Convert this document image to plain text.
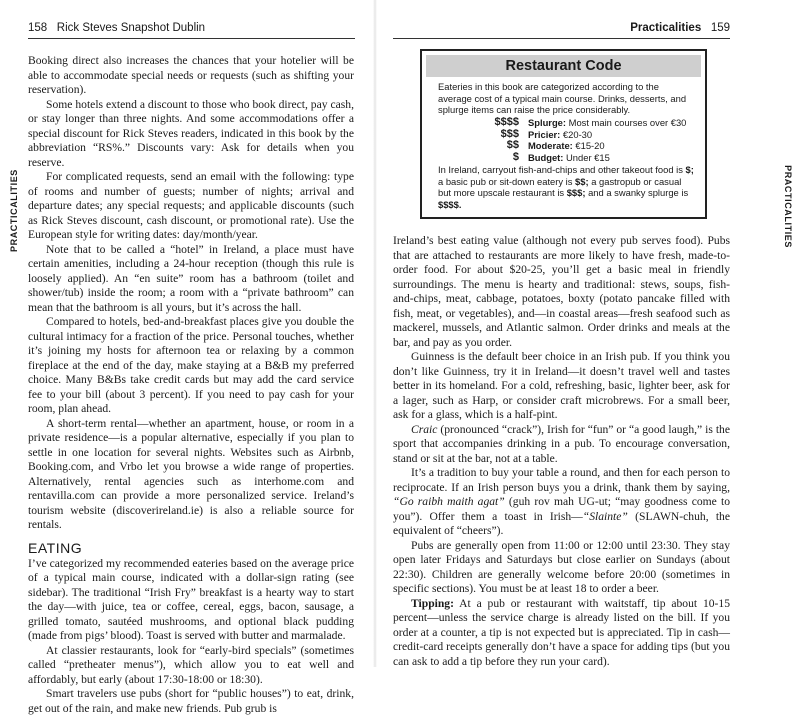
158 Rick Steves Snapshot Dublin
PRACTICALITIES

Booking direct also increases the chances that your hotelier will be able to accommodate special needs or requests (such as shifting your reservation).

Some hotels extend a discount to those who book direct, pay cash, or stay longer than three nights. And some accommodations offer a special discount for Rick Steves readers, indicated in this book by the abbreviation “RS%.” Discounts vary: Ask for details when you reserve.

For complicated requests, send an email with the following: type of rooms and number of guests; number of nights; arrival and departure dates; any special requests; and applicable discounts (such as Rick Steves discount, cash discount, or promotional rate). Use the European style for writing dates: day/month/year.

Note that to be called a “hotel” in Ireland, a place must have certain amenities, including a 24-hour reception (though this rule is loosely applied). An “en suite” room has a bathroom (toilet and shower/tub) inside the room; a room with a “private bathroom” can mean that the bathroom is all yours, but it’s across the hall.

Compared to hotels, bed-and-breakfast places give you double the cultural intimacy for a fraction of the price. Personal touches, whether it’s joining my hosts for afternoon tea or relaxing by a common fireplace at the end of the day, make staying at a B&B my preferred choice. Many B&Bs take credit cards but may add the card service fee to your bill (about 3 percent). If you need to pay cash for your room, plan ahead.

A short-term rental—whether an apartment, house, or room in a private residence—is a popular alternative, especially if you plan to settle in one location for several nights. Websites such as Airbnb, Booking.com, and Vrbo let you browse a wide range of properties. Alternatively, rental agencies such as interhome.com and rentavilla.com can provide a more personalized service. Ireland’s tourism website (discoverireland.ie) is also a reliable source for rentals.

EATING

I’ve categorized my recommended eateries based on the average price of a typical main course, indicated with a dollar-sign rating (see sidebar). The traditional “Irish Fry” breakfast is a hearty way to start the day—with juice, tea or coffee, cereal, eggs, bacon, sausage, a grilled tomato, sautéed mushrooms, and optional black pudding (made from pigs’ blood). Toast is served with butter and marmalade.

At classier restaurants, look for “early-bird specials” (sometimes called “pretheater menus”), which allow you to eat well and affordably, but early (about 17:30-18:00 or 18:30).

Smart travelers use pubs (short for “public houses”) to eat, drink, get out of the rain, and make new friends. Pub grub is

Practicalities 159
PRACTICALITIES

Ireland’s best eating value (although not every pub serves food). Pubs that are attached to restaurants are more likely to have fresh, made-to-order food. For about $20-25, you’ll get a basic meal in friendly surroundings. The menu is hearty and traditional: stews, soups, fish-and-chips, meat, cabbage, potatoes, boxty (potato pancake filled with fish, meat, or vegetables), and—in coastal areas—fresh seafood such as mackerel, mussels, and Atlantic salmon. Order drinks and meals at the bar, and pay as you order.

Guinness is the default beer choice in an Irish pub. If you think you don’t like Guinness, try it in Ireland—it doesn’t travel well and tastes better in its homeland. For a cold, refreshing, basic, lighter beer, ask for a lager, such as Harp, or consider craft microbrews. For a small beer, ask for a glass, which is a half-pint.

Craic (pronounced “crack”), Irish for “fun” or “a good laugh,” is the sport that accompanies drinking in a pub. To encourage conversation, stand or sit at the bar, not at a table.

It’s a tradition to buy your table a round, and then for each person to reciprocate. If an Irish person buys you a drink, thank them by saying, “Go raibh maith agat” (guh rov mah UG-ut; “may goodness come to you”). Offer them a toast in Irish—“Slainte” (SLAWN-chuh, the equivalent of “cheers”).

Pubs are generally open from 11:00 or 12:00 until 23:30. They stay open later Fridays and Saturdays but close earlier on Sundays (about 22:30). Children are generally welcome before 20:00 (sometimes in specific sections). You must be at least 18 to order a beer.

Tipping: At a pub or restaurant with waitstaff, tip about 10-15 percent—unless the service charge is already listed on the bill. If you order at a counter, a tip is not expected but is appreciated. Tip in cash—credit-card receipts generally don’t have a space for adding tips (but you can ask to add a tip before they run your card).

Restaurant Code
Eateries in this book are categorized according to the average cost of a typical main course. Drinks, desserts, and splurge items can raise the price considerably.
$$$$ Splurge: Most main courses over €30
$$$ Pricier: €20-30
$$ Moderate: €15-20
$ Budget: Under €15
In Ireland, carryout fish-and-chips and other takeout food is $; a basic pub or sit-down eatery is $$; a gastropub or casual but more upscale restaurant is $$$; and a swanky splurge is $$$$.
